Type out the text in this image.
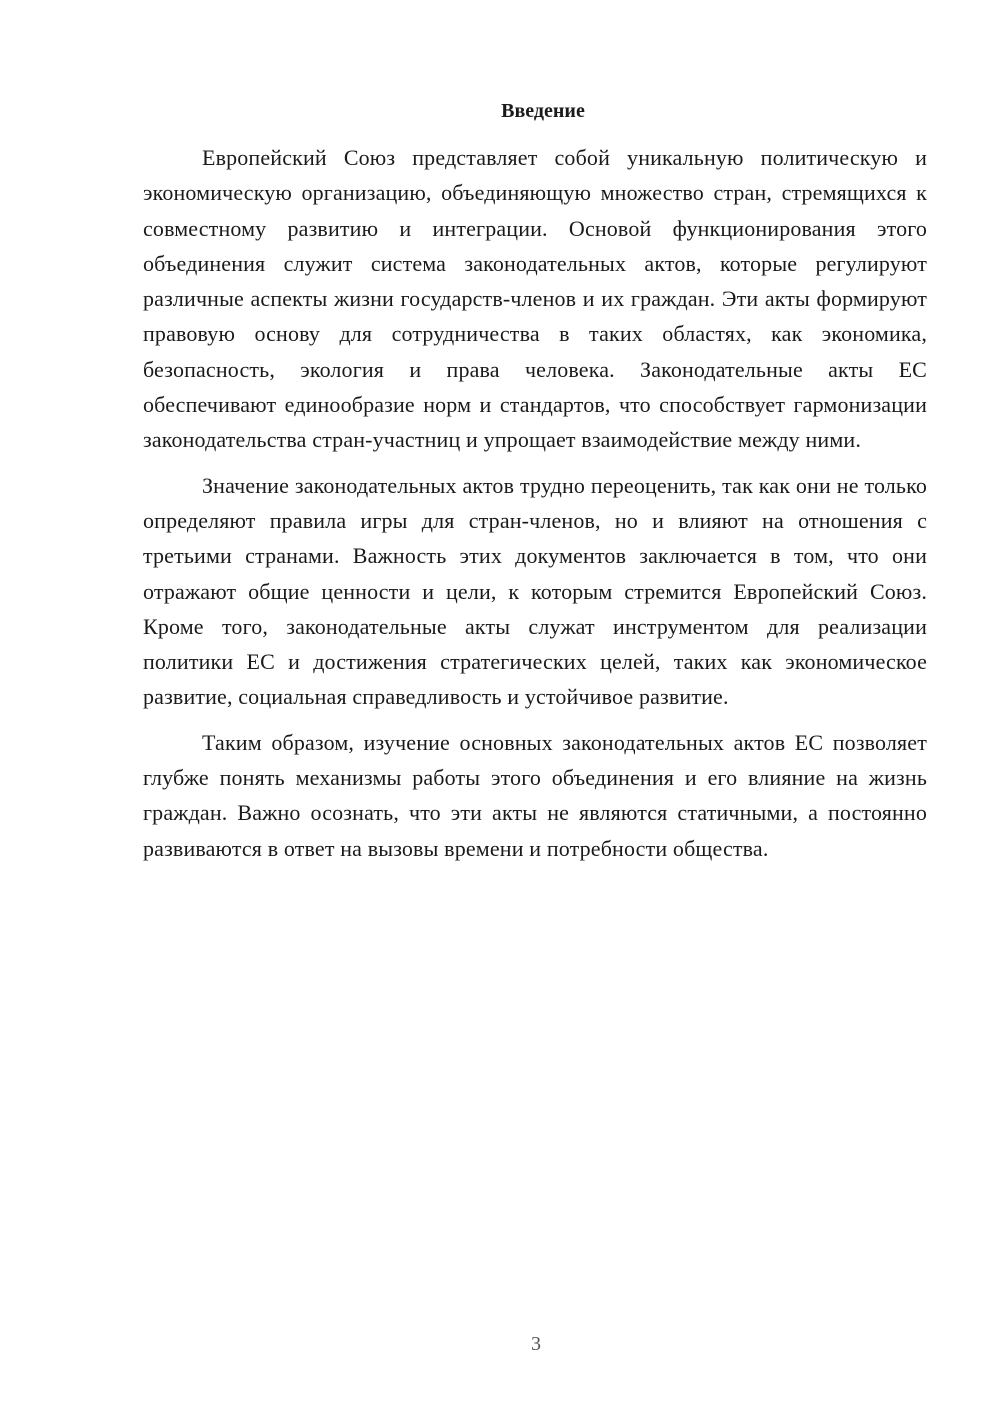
Введение

Европейский Союз представляет собой уникальную политическую и экономическую организацию, объединяющую множество стран, стремящихся к совместному развитию и интеграции. Основой функционирования этого объединения служит система законодательных актов, которые регулируют различные аспекты жизни государств-членов и их граждан. Эти акты формируют правовую основу для сотрудничества в таких областях, как экономика, безопасность, экология и права человека. Законодательные акты ЕС обеспечивают единообразие норм и стандартов, что способствует гармонизации законодательства стран-участниц и упрощает взаимодействие между ними.

Значение законодательных актов трудно переоценить, так как они не только определяют правила игры для стран-членов, но и влияют на отношения с третьими странами. Важность этих документов заключается в том, что они отражают общие ценности и цели, к которым стремится Европейский Союз. Кроме того, законодательные акты служат инструментом для реализации политики ЕС и достижения стратегических целей, таких как экономическое развитие, социальная справедливость и устойчивое развитие.

Таким образом, изучение основных законодательных актов ЕС позволяет глубже понять механизмы работы этого объединения и его влияние на жизнь граждан. Важно осознать, что эти акты не являются статичными, а постоянно развиваются в ответ на вызовы времени и потребности общества.

3
